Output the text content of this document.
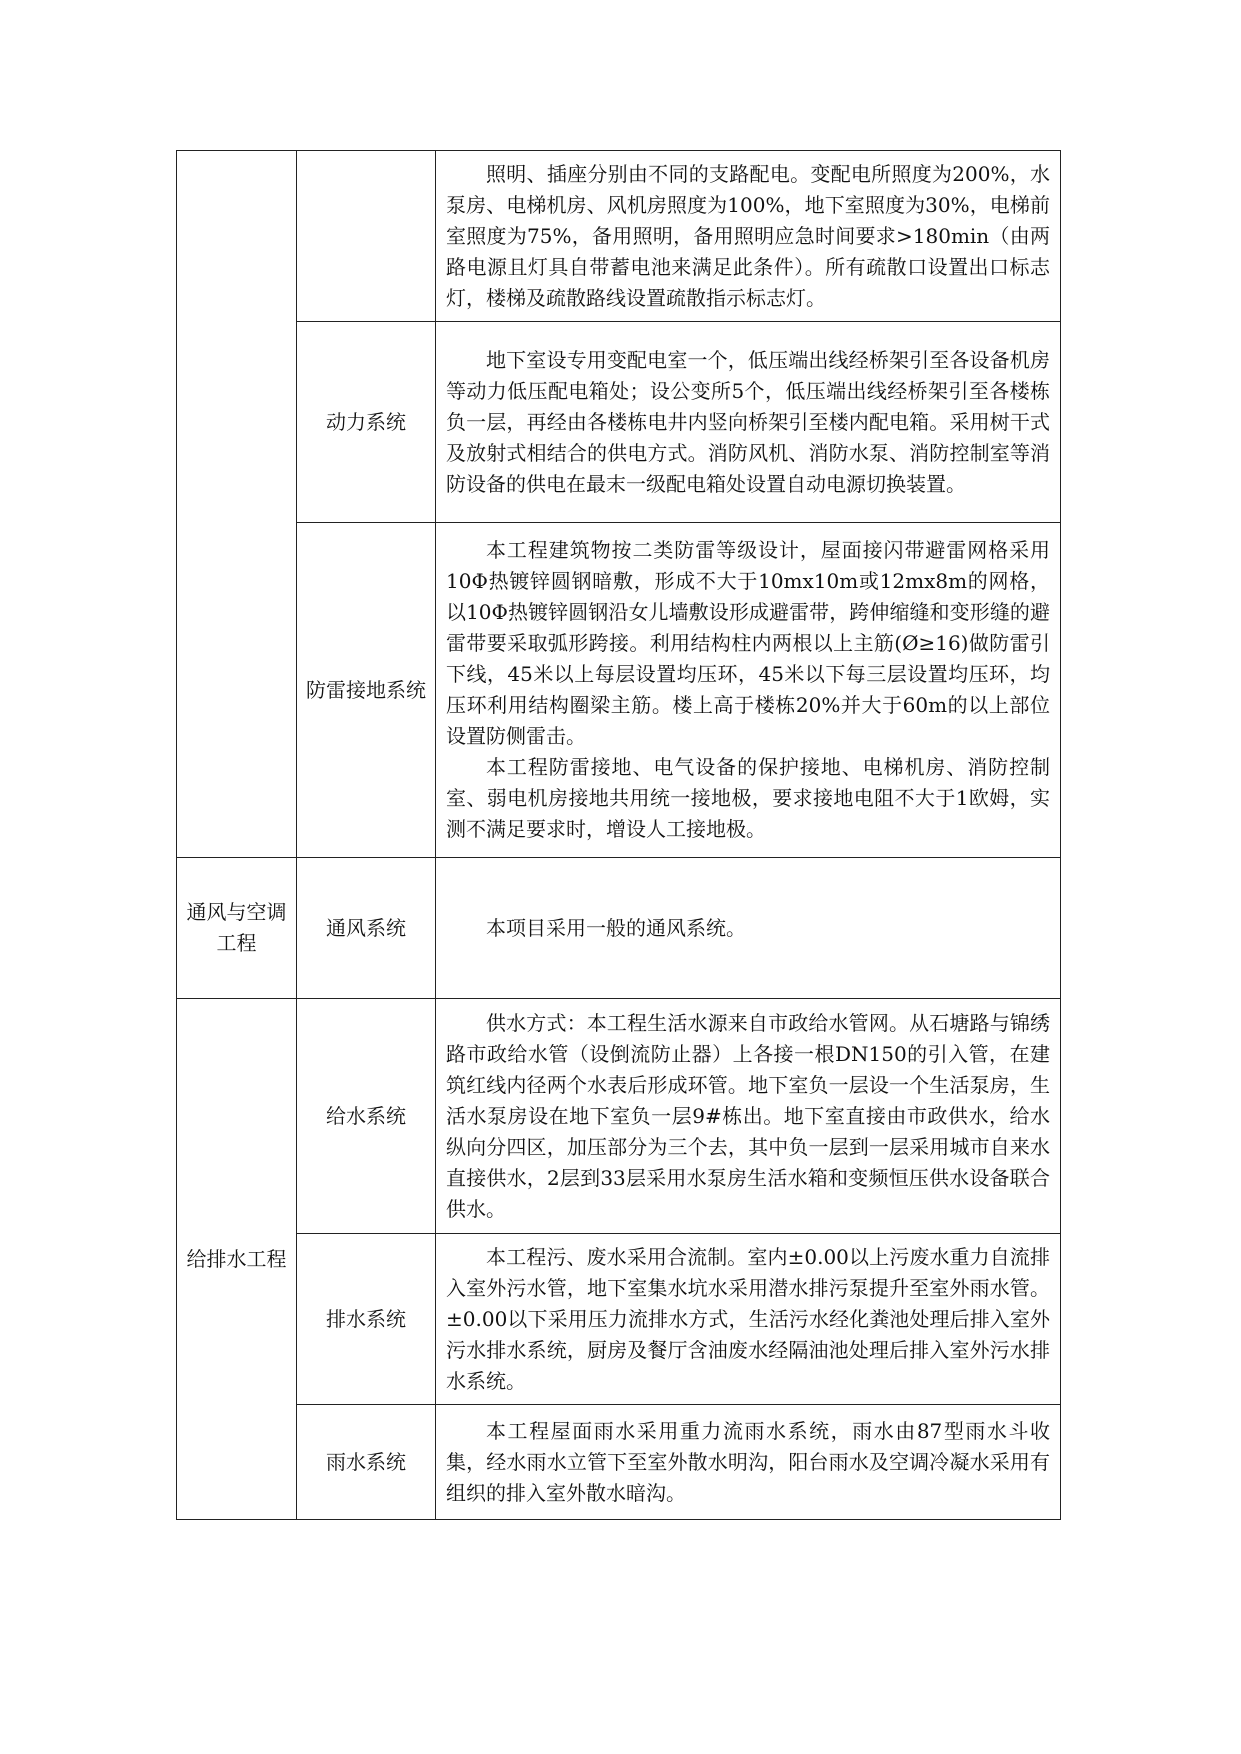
		照明、插座分别由不同的支路配电。变配电所照度为200%，水泵房、电梯机房、风机房照度为100%，地下室照度为30%，电梯前室照度为75%，备用照明，备用照明应急时间要求>180min（由两路电源且灯具自带蓄电池来满足此条件）。所有疏散口设置出口标志灯，楼梯及疏散路线设置疏散指示标志灯。

	动力系统	地下室设专用变配电室一个，低压端出线经桥架引至各设备机房等动力低压配电箱处；设公变所5个，低压端出线经桥架引至各楼栋负一层，再经由各楼栋电井内竖向桥架引至楼内配电箱。采用树干式及放射式相结合的供电方式。消防风机、消防水泵、消防控制室等消防设备的供电在最末一级配电箱处设置自动电源切换装置。

	防雷接地系统	本工程建筑物按二类防雷等级设计，屋面接闪带避雷网格采用10Φ热镀锌圆钢暗敷，形成不大于10mx10m或12mx8m的网格，以10Φ热镀锌圆钢沿女儿墙敷设形成避雷带，跨伸缩缝和变形缝的避雷带要采取弧形跨接。利用结构柱内两根以上主筋(Ø≥16)做防雷引下线，45米以上每层设置均压环，45米以下每三层设置均压环，均压环利用结构圈梁主筋。楼上高于楼栋20%并大于60m的以上部位设置防侧雷击。

本工程防雷接地、电气设备的保护接地、电梯机房、消防控制室、弱电机房接地共用统一接地极，要求接地电阻不大于1欧姆，实测不满足要求时，增设人工接地极。

通风与空调工程	通风系统	本项目采用一般的通风系统。

给排水工程	给水系统	供水方式：本工程生活水源来自市政给水管网。从石塘路与锦绣路市政给水管（设倒流防止器）上各接一根DN150的引入管，在建筑红线内径两个水表后形成环管。地下室负一层设一个生活泵房，生活水泵房设在地下室负一层9#栋出。地下室直接由市政供水，给水纵向分四区，加压部分为三个去，其中负一层到一层采用城市自来水直接供水，2层到33层采用水泵房生活水箱和变频恒压供水设备联合供水。

	排水系统	本工程污、废水采用合流制。室内±0.00以上污废水重力自流排入室外污水管，地下室集水坑水采用潜水排污泵提升至室外雨水管。±0.00以下采用压力流排水方式，生活污水经化粪池处理后排入室外污水排水系统，厨房及餐厅含油废水经隔油池处理后排入室外污水排水系统。

	雨水系统	本工程屋面雨水采用重力流雨水系统，雨水由87型雨水斗收集，经水雨水立管下至室外散水明沟，阳台雨水及空调冷凝水采用有组织的排入室外散水暗沟。
